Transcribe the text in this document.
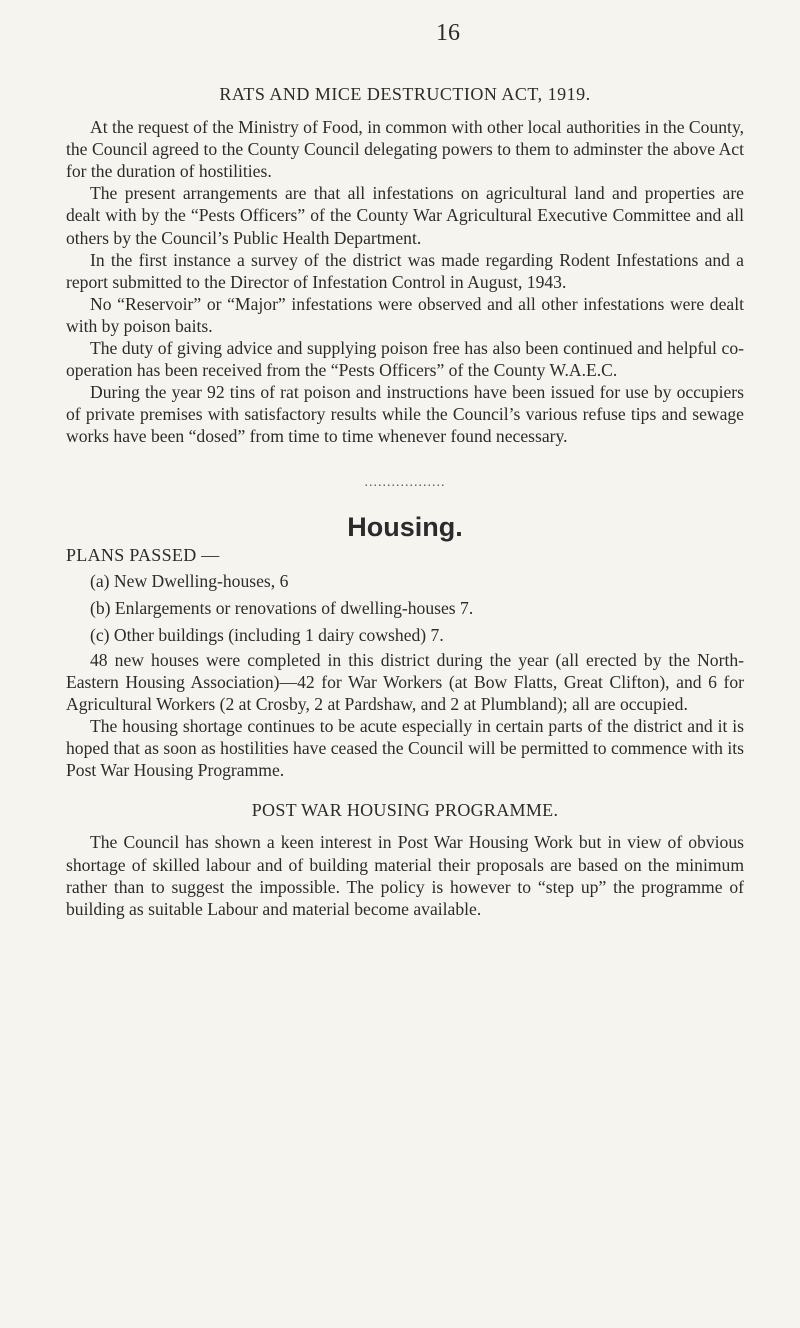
16
RATS AND MICE DESTRUCTION ACT, 1919.

At the request of the Ministry of Food, in common with other local authorities in the County, the Council agreed to the County Council delegating powers to them to adminster the above Act for the duration of hostilities.

The present arrangements are that all infestations on agricultural land and properties are dealt with by the “Pests Officers” of the County War Agricultural Executive Committee and all others by the Council’s Public Health Department.

In the first instance a survey of the district was made regarding Rodent Infestations and a report submitted to the Director of Infestation Control in August, 1943.

No “Reservoir” or “Major” infestations were observed and all other infestations were dealt with by poison baits.

The duty of giving advice and supplying poison free has also been continued and helpful co-operation has been received from the “Pests Officers” of the County W.A.E.C.

During the year 92 tins of rat poison and instructions have been issued for use by occupiers of private premises with satisfactory results while the Council’s various refuse tips and sewage works have been “dosed” from time to time whenever found necessary.

..................
Housing.
PLANS PASSED —
(a) New Dwelling-houses, 6
(b) Enlargements or renovations of dwelling-houses 7.
(c) Other buildings (including 1 dairy cowshed) 7.

48 new houses were completed in this district during the year (all erected by the North-Eastern Housing Association)—42 for War Workers (at Bow Flatts, Great Clifton), and 6 for Agricultural Workers (2 at Crosby, 2 at Pardshaw, and 2 at Plumbland); all are occupied.

The housing shortage continues to be acute especially in certain parts of the district and it is hoped that as soon as hostilities have ceased the Council will be permitted to commence with its Post War Housing Programme.

POST WAR HOUSING PROGRAMME.

The Council has shown a keen interest in Post War Housing Work but in view of obvious shortage of skilled labour and of building material their proposals are based on the minimum rather than to suggest the impossible. The policy is however to “step up” the programme of building as suitable Labour and material become available.
